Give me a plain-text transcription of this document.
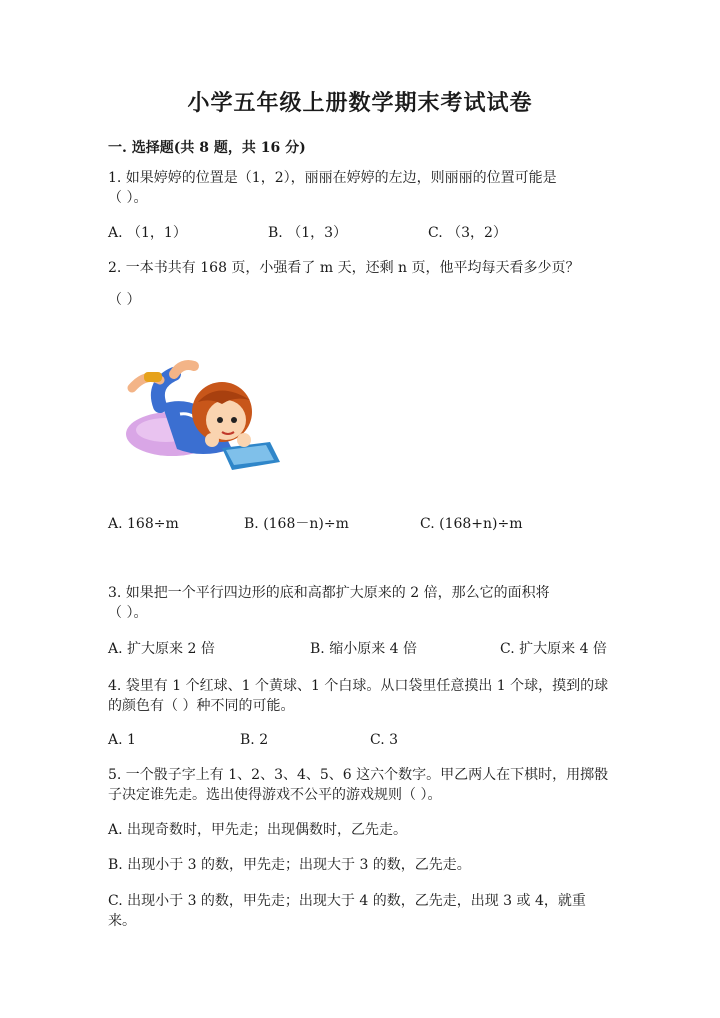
小学五年级上册数学期末考试试卷
一. 选择题(共 8 题，共 16 分)
1. 如果婷婷的位置是（1，2），丽丽在婷婷的左边，则丽丽的位置可能是
（ ）。
A. （1，1）	B. （1，3）	C. （3，2）
2. 一本书共有 168 页，小强看了 m 天，还剩 n 页，他平均每天看多少页？
（ ）
A. 168÷m	B. (168－n)÷m	C. (168+n)÷m
3. 如果把一个平行四边形的底和高都扩大原来的 2 倍，那么它的面积将
（ ）。
A. 扩大原来 2 倍	B. 缩小原来 4 倍	C. 扩大原来 4 倍
4. 袋里有 1 个红球、1 个黄球、1 个白球。从口袋里任意摸出 1 个球，摸到的球
的颜色有（ ）种不同的可能。
A. 1	B. 2	C. 3
5. 一个骰子字上有 1、2、3、4、5、6 这六个数字。甲乙两人在下棋时，用掷骰
子决定谁先走。选出使得游戏不公平的游戏规则（ ）。
A. 出现奇数时，甲先走；出现偶数时，乙先走。
B. 出现小于 3 的数，甲先走；出现大于 3 的数，乙先走。
C. 出现小于 3 的数，甲先走；出现大于 4 的数，乙先走，出现 3 或 4，就重
来。
